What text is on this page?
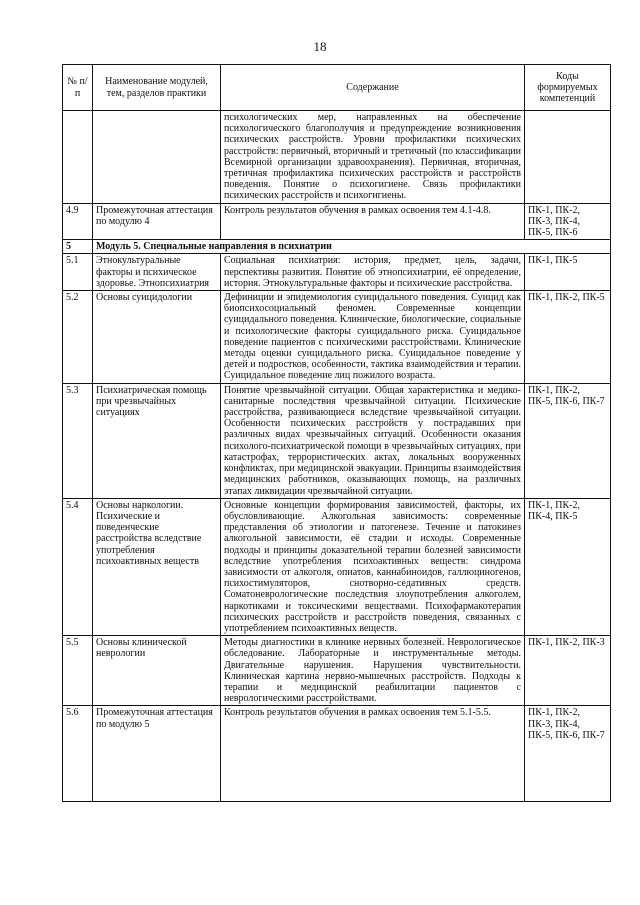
18
№ п/п	Наименование модулей, тем, разделов практики	Содержание	Коды формируемых компетенций
		психологических мер, направленных на обеспечение психологического благополучия и предупреждение возникновения психических расстройств. Уровни профилактики психических расстройств: первичный, вторичный и третичный (по классификации Всемирной организации здравоохранения). Первичная, вторичная, третичная профилактика психических расстройств и расстройств поведения. Понятие о психогигиене. Связь профилактики психических расстройств и психогигиены.	
4.9	Промежуточная аттестация по модулю 4	Контроль результатов обучения в рамках освоения тем 4.1-4.8.	ПК-1, ПК-2, ПК-3, ПК-4, ПК-5, ПК-6
5	Модуль 5. Специальные направления в психиатрии		
5.1	Этнокультуральные факторы и психическое здоровье. Этнопсихиатрия	Социальная психиатрия: история, предмет, цель, задачи, перспективы развития. Понятие об этнопсихиатрии, её определение, история. Этнокультуральные факторы и психические расстройства.	ПК-1, ПК-5
5.2	Основы суицидологии	Дефиниции и эпидемиология суицидального поведения. Суицид как биопсихосоциальный феномен. Современные концепции суицидального поведения. Клинические, биологические, социальные и психологические факторы суицидального риска. Суицидальное поведение пациентов с психическими расстройствами. Клинические методы оценки суицидального риска. Суицидальное поведение у детей и подростков, особенности, тактика взаимодействия и терапии. Суицидальное поведение лиц пожилого возраста.	ПК-1, ПК-2, ПК-5
5.3	Психиатрическая помощь при чрезвычайных ситуациях	Понятие чрезвычайной ситуации. Общая характеристика и медико-санитарные последствия чрезвычайной ситуации. Психические расстройства, развивающиеся вследствие чрезвычайной ситуации. Особенности психических расстройств у пострадавших при различных видах чрезвычайных ситуаций. Особенности оказания психолого-психиатрической помощи в чрезвычайных ситуациях, при катастрофах, террористических актах, локальных вооруженных конфликтах, при медицинской эвакуации. Принципы взаимодействия медицинских работников, оказывающих помощь, на различных этапах ликвидации чрезвычайной ситуации.	ПК-1, ПК-2, ПК-5, ПК-6, ПК-7
5.4	Основы наркологии. Психические и поведенческие расстройства вследствие употребления психоактивных веществ	Основные концепции формирования зависимостей, факторы, их обусловливающие. Алкогольная зависимость: современные представления об этиологии и патогенезе. Течение и патокинез алкогольной зависимости, её стадии и исходы. Современные подходы и принципы доказательной терапии болезней зависимости вследствие употребления психоактивных веществ: синдрома зависимости от алкоголя, опиатов, каннабиноидов, галлюциногенов, психостимуляторов, снотворно-седативных средств. Соматоневрологические последствия злоупотребления алкоголем, наркотиками и токсическими веществами. Психофармакотерапия психических расстройств и расстройств поведения, связанных с употреблением психоактивных веществ.	ПК-1, ПК-2, ПК-4, ПК-5
5.5	Основы клинической неврологии	Методы диагностики в клинике нервных болезней. Неврологическое обследование. Лабораторные и инструментальные методы. Двигательные нарушения. Нарушения чувствительности. Клиническая картина нервно-мышечных расстройств. Подходы к терапии и медицинской реабилитации пациентов с неврологическими расстройствами.	ПК-1, ПК-2, ПК-3
5.6	Промежуточная аттестация по модулю 5	Контроль результатов обучения в рамках освоения тем 5.1-5.5.	ПК-1, ПК-2, ПК-3, ПК-4, ПК-5, ПК-6, ПК-7
